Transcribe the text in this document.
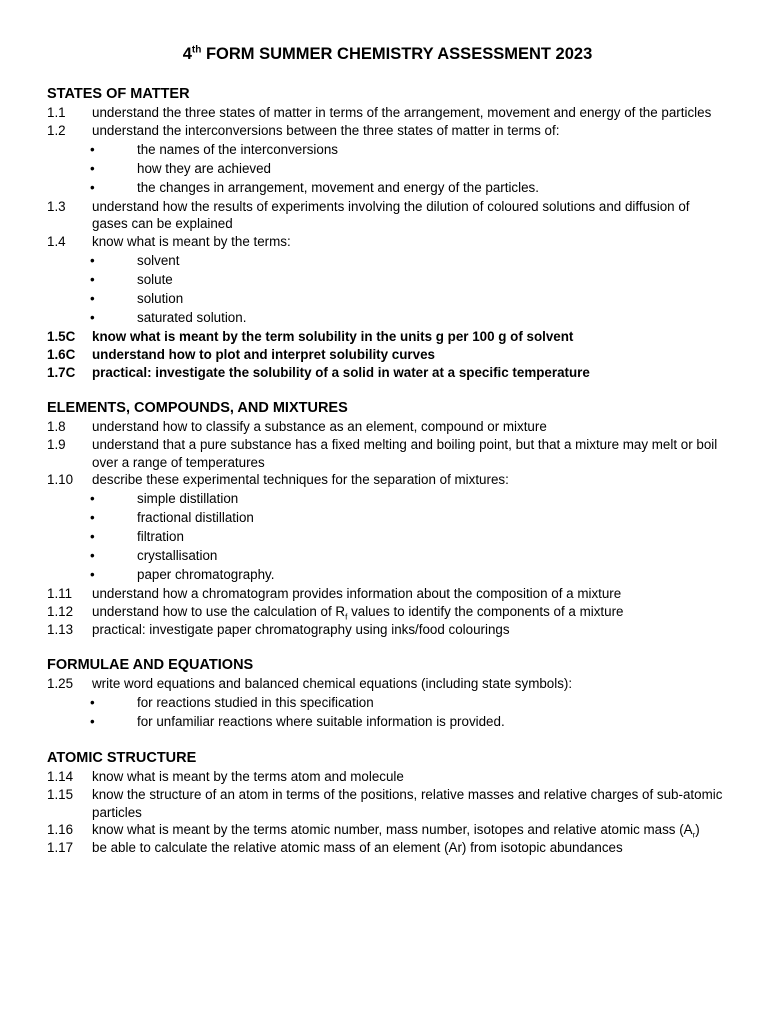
4th FORM SUMMER CHEMISTRY ASSESSMENT 2023
STATES OF MATTER
1.1	understand the three states of matter in terms of the arrangement, movement and energy of the particles
1.2	understand the interconversions between the three states of matter in terms of:
•	the names of the interconversions
•	how they are achieved
•	the changes in arrangement, movement and energy of the particles.
1.3	understand how the results of experiments involving the dilution of coloured solutions and diffusion of gases can be explained
1.4	know what is meant by the terms:
•	solvent
•	solute
•	solution
•	saturated solution.
1.5C	know what is meant by the term solubility in the units g per 100 g of solvent
1.6C	understand how to plot and interpret solubility curves
1.7C	practical: investigate the solubility of a solid in water at a specific temperature
ELEMENTS, COMPOUNDS, AND MIXTURES
1.8	understand how to classify a substance as an element, compound or mixture
1.9	understand that a pure substance has a fixed melting and boiling point, but that a mixture may melt or boil over a range of temperatures
1.10	describe these experimental techniques for the separation of mixtures:
•	simple distillation
•	fractional distillation
•	filtration
•	crystallisation
•	paper chromatography.
1.11	understand how a chromatogram provides information about the composition of a mixture
1.12	understand how to use the calculation of $R_f$ values to identify the components of a mixture
1.13	practical: investigate paper chromatography using inks/food colourings
FORMULAE AND EQUATIONS
1.25	write word equations and balanced chemical equations (including state symbols):
•	for reactions studied in this specification
•	for unfamiliar reactions where suitable information is provided.
ATOMIC STRUCTURE
1.14	know what is meant by the terms atom and molecule
1.15	know the structure of an atom in terms of the positions, relative masses and relative charges of sub-atomic particles
1.16	know what is meant by the terms atomic number, mass number, isotopes and relative atomic mass $(A_r)$
1.17	be able to calculate the relative atomic mass of an element (Ar) from isotopic abundances
